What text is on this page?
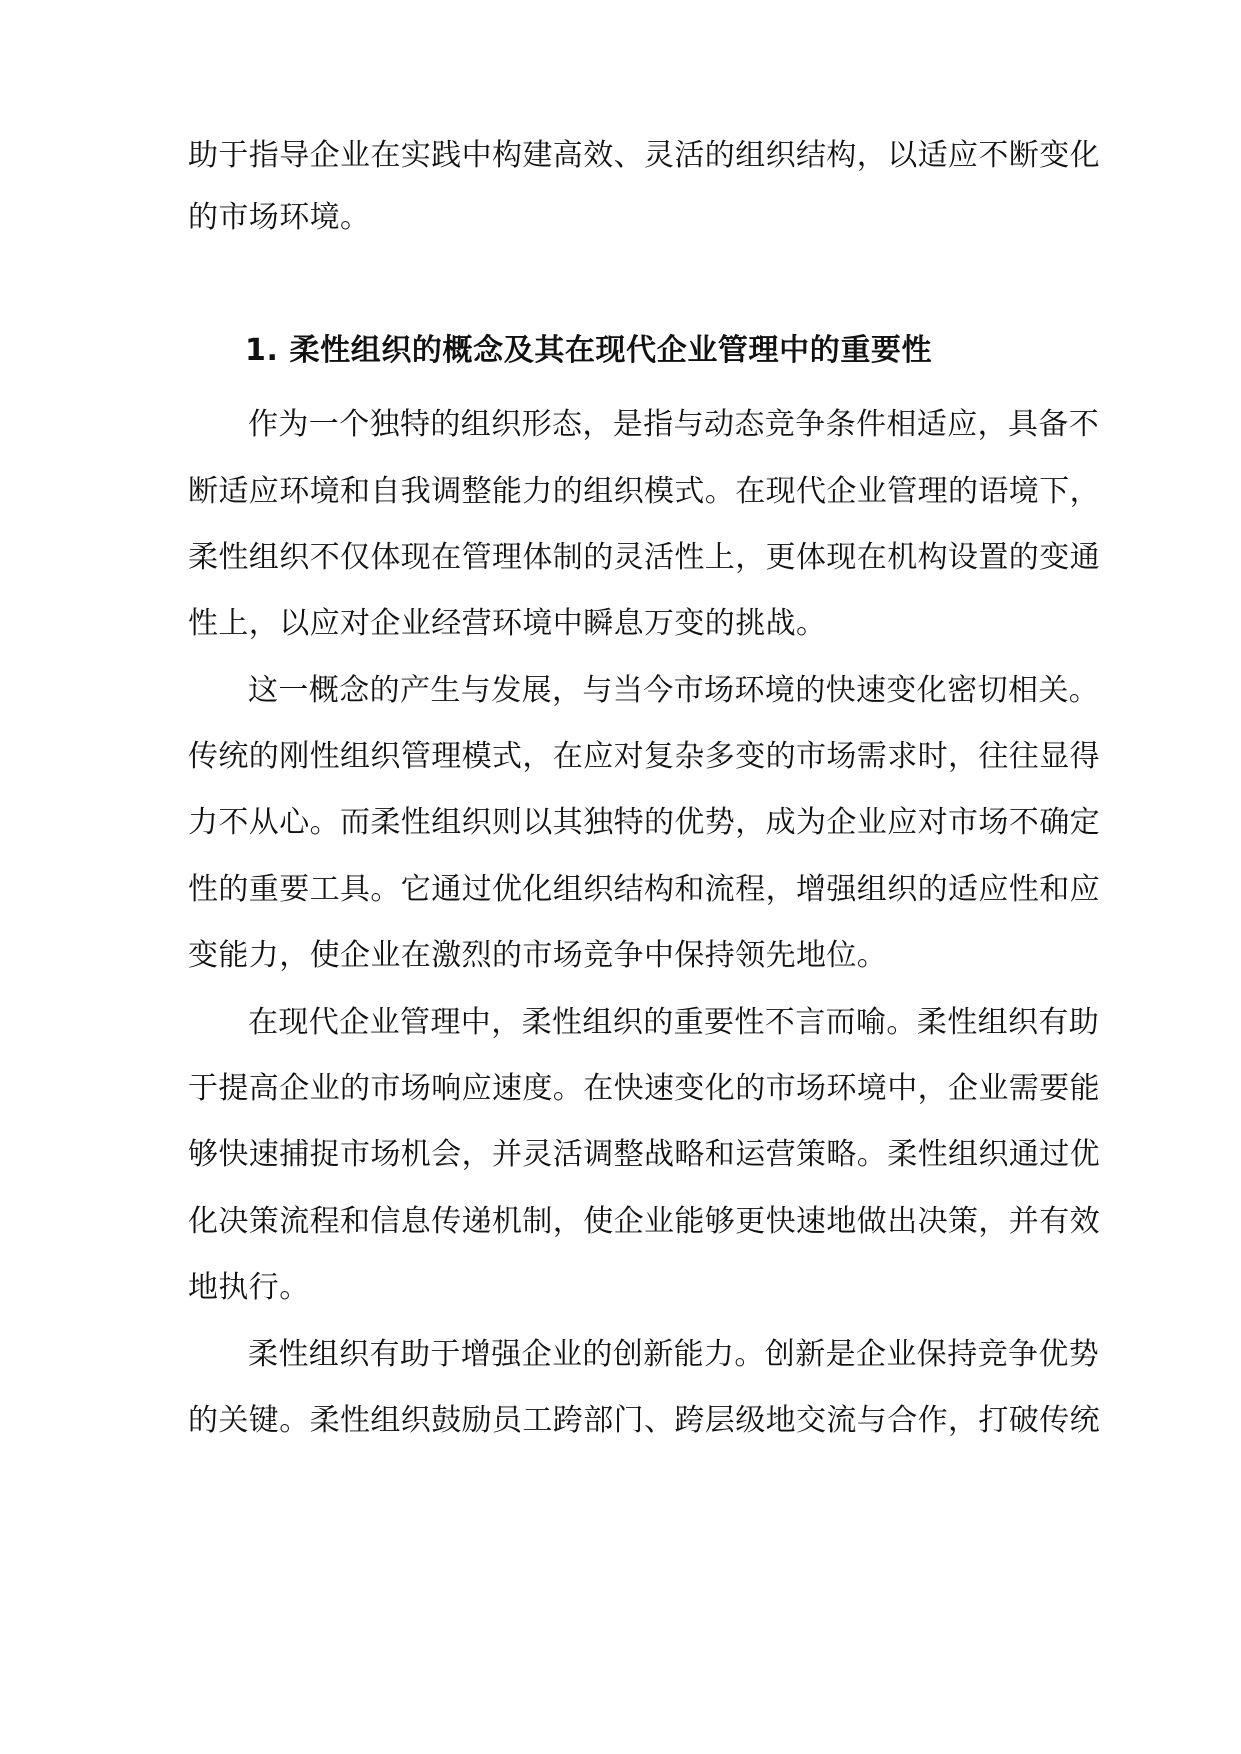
助于指导企业在实践中构建高效、灵活的组织结构，以适应不断变化
的市场环境。
1. 柔性组织的概念及其在现代企业管理中的重要性
作为一个独特的组织形态，是指与动态竞争条件相适应，具备不
断适应环境和自我调整能力的组织模式。在现代企业管理的语境下，
柔性组织不仅体现在管理体制的灵活性上，更体现在机构设置的变通
性上，以应对企业经营环境中瞬息万变的挑战。
这一概念的产生与发展，与当今市场环境的快速变化密切相关。
传统的刚性组织管理模式，在应对复杂多变的市场需求时，往往显得
力不从心。而柔性组织则以其独特的优势，成为企业应对市场不确定
性的重要工具。它通过优化组织结构和流程，增强组织的适应性和应
变能力，使企业在激烈的市场竞争中保持领先地位。
在现代企业管理中，柔性组织的重要性不言而喻。柔性组织有助
于提高企业的市场响应速度。在快速变化的市场环境中，企业需要能
够快速捕捉市场机会，并灵活调整战略和运营策略。柔性组织通过优
化决策流程和信息传递机制，使企业能够更快速地做出决策，并有效
地执行。
柔性组织有助于增强企业的创新能力。创新是企业保持竞争优势
的关键。柔性组织鼓励员工跨部门、跨层级地交流与合作，打破传统
